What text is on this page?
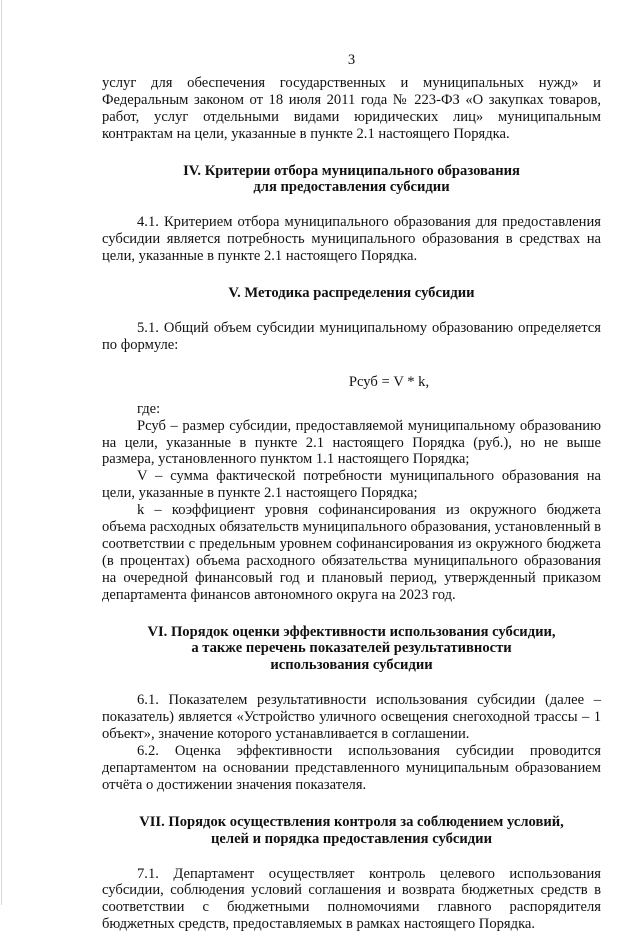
3

услуг для обеспечения государственных и муниципальных нужд» и Федеральным законом от 18 июля 2011 года № 223-ФЗ «О закупках товаров, работ, услуг отдельными видами юридических лиц» муниципальным контрактам на цели, указанные в пункте 2.1 настоящего Порядка.

IV. Критерии отбора муниципального образования
для предоставления субсидии

4.1. Критерием отбора муниципального образования для предоставления субсидии является потребность муниципального образования в средствах на цели, указанные в пункте 2.1 настоящего Порядка.

V. Методика распределения субсидии

5.1. Общий объем субсидии муниципальному образованию определяется по формуле:

Рсуб = V * k,

где:

Рсуб – размер субсидии, предоставляемой муниципальному образованию на цели, указанные в пункте 2.1 настоящего Порядка (руб.), но не выше размера, установленного пунктом 1.1 настоящего Порядка;

V – сумма фактической потребности муниципального образования на цели, указанные в пункте 2.1 настоящего Порядка;

k – коэффициент уровня софинансирования из окружного бюджета объема расходных обязательств муниципального образования, установленный в соответствии с предельным уровнем софинансирования из окружного бюджета (в процентах) объема расходного обязательства муниципального образования на очередной финансовый год и плановый период, утвержденный приказом департамента финансов автономного округа на 2023 год.

VI. Порядок оценки эффективности использования субсидии,
а также перечень показателей результативности
использования субсидии

6.1. Показателем результативности использования субсидии (далее – показатель) является «Устройство уличного освещения снегоходной трассы – 1 объект», значение которого устанавливается в соглашении.

6.2. Оценка эффективности использования субсидии проводится департаментом на основании представленного муниципальным образованием отчёта о достижении значения показателя.

VII. Порядок осуществления контроля за соблюдением условий,
целей и порядка предоставления субсидии

7.1. Департамент осуществляет контроль целевого использования субсидии, соблюдения условий соглашения и возврата бюджетных средств в соответствии с бюджетными полномочиями главного распорядителя бюджетных средств, предоставляемых в рамках настоящего Порядка.
